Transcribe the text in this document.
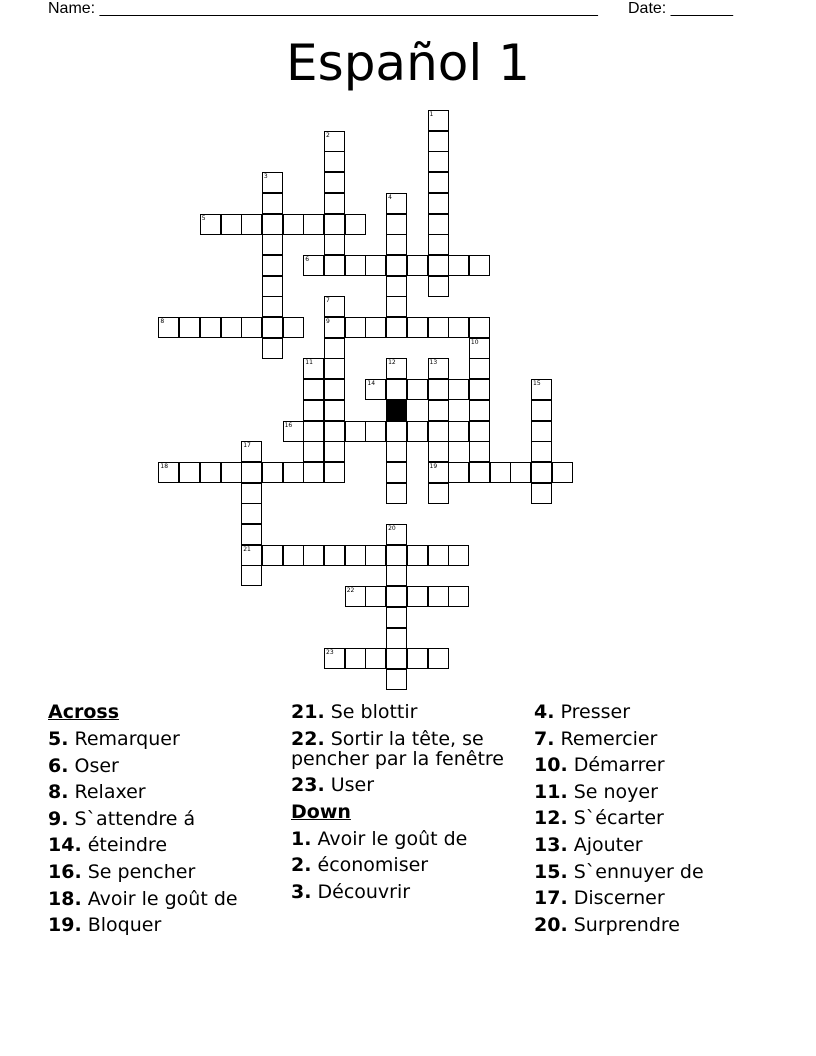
Name: ________________________________________________________ Date: _______
Español 1
1
2
3
4
5
6
7
9
8
10
11	12	13
19
14	15
16
17
21
18
20
22
23
Across
5. Remarquer
6. Oser
8. Relaxer
9. S`attendre á
14. éteindre
16. Se pencher
18. Avoir le goût de
19. Bloquer
21. Se blottir
22. Sortir la tête, se pencher par la fenêtre
23. User
Down
1. Avoir le goût de
2. économiser
3. Découvrir
4. Presser
7. Remercier
10. Démarrer
11. Se noyer
12. S`écarter
13. Ajouter
15. S`ennuyer de
17. Discerner
20. Surprendre
